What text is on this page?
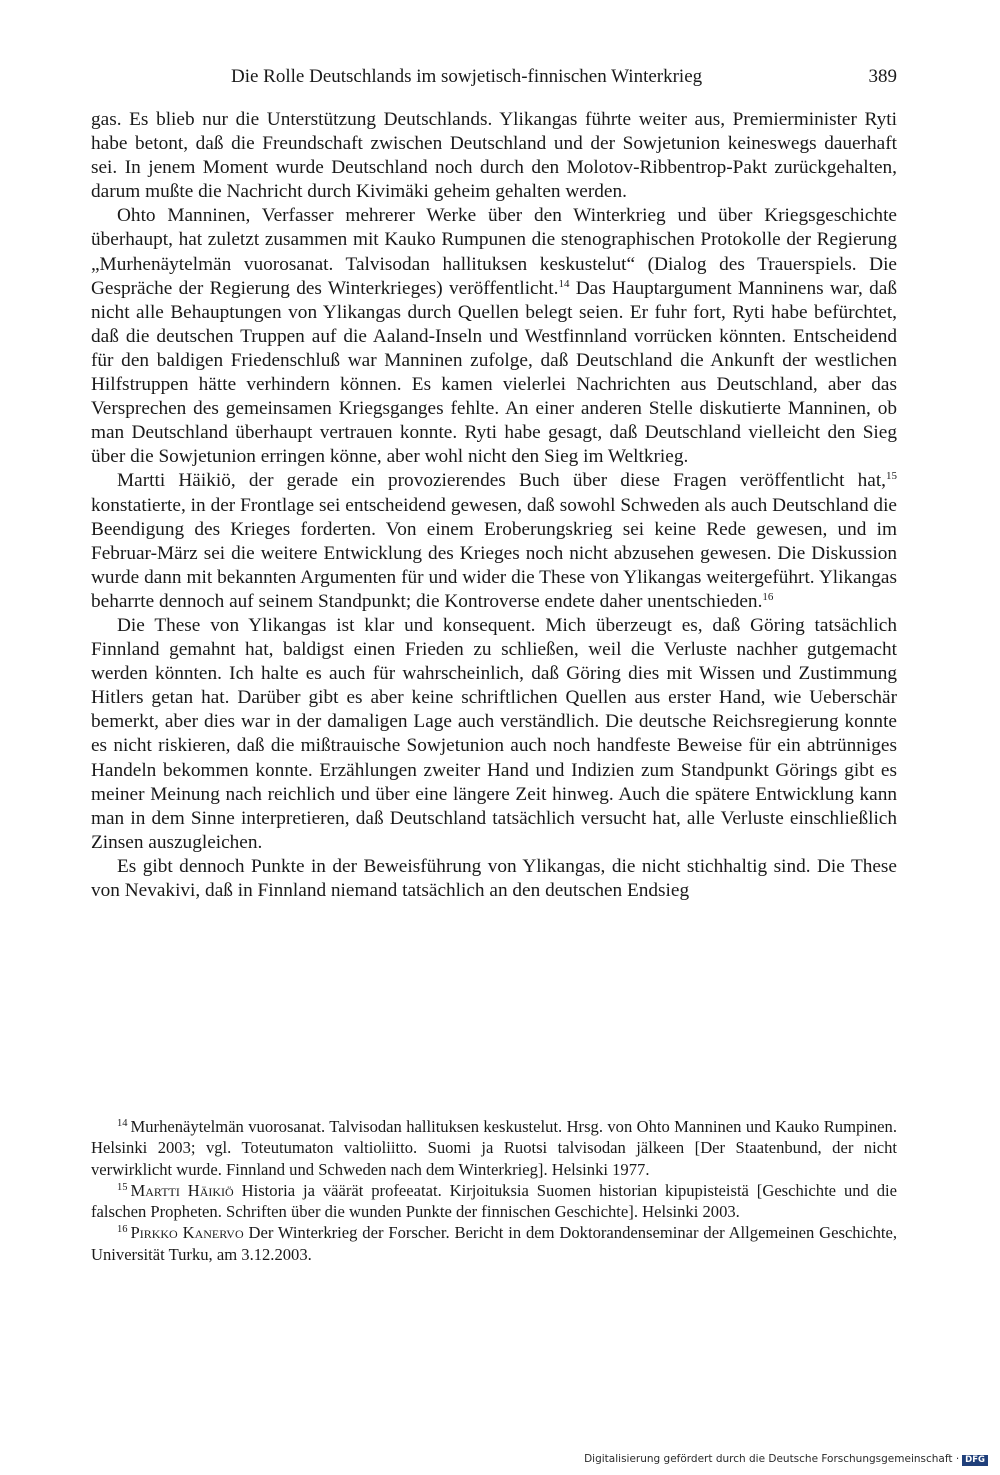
Die Rolle Deutschlands im sowjetisch-finnischen Winterkrieg	389

gas. Es blieb nur die Unterstützung Deutschlands. Ylikangas führte weiter aus, Premierminister Ryti habe betont, daß die Freundschaft zwischen Deutschland und der Sowjetunion keineswegs dauerhaft sei. In jenem Moment wurde Deutschland noch durch den Molotov-Ribbentrop-Pakt zurückgehalten, darum mußte die Nachricht durch Kivimäki geheim gehalten werden.

Ohto Manninen, Verfasser mehrerer Werke über den Winterkrieg und über Kriegsgeschichte überhaupt, hat zuletzt zusammen mit Kauko Rumpunen die stenographischen Protokolle der Regierung „Murhenäytelmän vuorosanat. Talvisodan hallituksen keskustelut“ (Dialog des Trauerspiels. Die Gespräche der Regierung des Winterkrieges) veröffentlicht.$^{14}$ Das Hauptargument Manninens war, daß nicht alle Behauptungen von Ylikangas durch Quellen belegt seien. Er fuhr fort, Ryti habe befürchtet, daß die deutschen Truppen auf die Aaland-Inseln und Westfinnland vorrücken könnten. Entscheidend für den baldigen Friedenschluß war Manninen zufolge, daß Deutschland die Ankunft der westlichen Hilfstruppen hätte verhindern können. Es kamen vielerlei Nachrichten aus Deutschland, aber das Versprechen des gemeinsamen Kriegsganges fehlte. An einer anderen Stelle diskutierte Manninen, ob man Deutschland überhaupt vertrauen konnte. Ryti habe gesagt, daß Deutschland vielleicht den Sieg über die Sowjetunion erringen könne, aber wohl nicht den Sieg im Weltkrieg.

Martti Häikiö, der gerade ein provozierendes Buch über diese Fragen veröffentlicht hat,$^{15}$ konstatierte, in der Frontlage sei entscheidend gewesen, daß sowohl Schweden als auch Deutschland die Beendigung des Krieges forderten. Von einem Eroberungskrieg sei keine Rede gewesen, und im Februar-März sei die weitere Entwicklung des Krieges noch nicht abzusehen gewesen. Die Diskussion wurde dann mit bekannten Argumenten für und wider die These von Ylikangas weitergeführt. Ylikangas beharrte dennoch auf seinem Standpunkt; die Kontroverse endete daher unentschieden.$^{16}$

Die These von Ylikangas ist klar und konsequent. Mich überzeugt es, daß Göring tatsächlich Finnland gemahnt hat, baldigst einen Frieden zu schließen, weil die Verluste nachher gutgemacht werden könnten. Ich halte es auch für wahrscheinlich, daß Göring dies mit Wissen und Zustimmung Hitlers getan hat. Darüber gibt es aber keine schriftlichen Quellen aus erster Hand, wie Ueberschär bemerkt, aber dies war in der damaligen Lage auch verständlich. Die deutsche Reichsregierung konnte es nicht riskieren, daß die mißtrauische Sowjetunion auch noch handfeste Beweise für ein abtrünniges Handeln bekommen konnte. Erzählungen zweiter Hand und Indizien zum Standpunkt Görings gibt es meiner Meinung nach reichlich und über eine längere Zeit hinweg. Auch die spätere Entwicklung kann man in dem Sinne interpretieren, daß Deutschland tatsächlich versucht hat, alle Verluste einschließlich Zinsen auszugleichen.

Es gibt dennoch Punkte in der Beweisführung von Ylikangas, die nicht stichhaltig sind. Die These von Nevakivi, daß in Finnland niemand tatsächlich an den deutschen Endsieg

$^{14}$ Murhenäytelmän vuorosanat. Talvisodan hallituksen keskustelut. Hrsg. von Ohto Manninen und Kauko Rumpinen. Helsinki 2003; vgl. Toteutumaton valtioliitto. Suomi ja Ruotsi talvisodan jälkeen [Der Staatenbund, der nicht verwirklicht wurde. Finnland und Schweden nach dem Winterkrieg]. Helsinki 1977.

$^{15}$ Martti Häikiö Historia ja väärät profeeatat. Kirjoituksia Suomen historian kipupisteistä [Geschichte und die falschen Propheten. Schriften über die wunden Punkte der finnischen Geschichte]. Helsinki 2003.

$^{16}$ Pirkko Kanervo Der Winterkrieg der Forscher. Bericht in dem Doktorandenseminar der Allgemeinen Geschichte, Universität Turku, am 3.12.2003.

Digitalisierung gefördert durch die Deutsche Forschungsgemeinschaft · DFG
